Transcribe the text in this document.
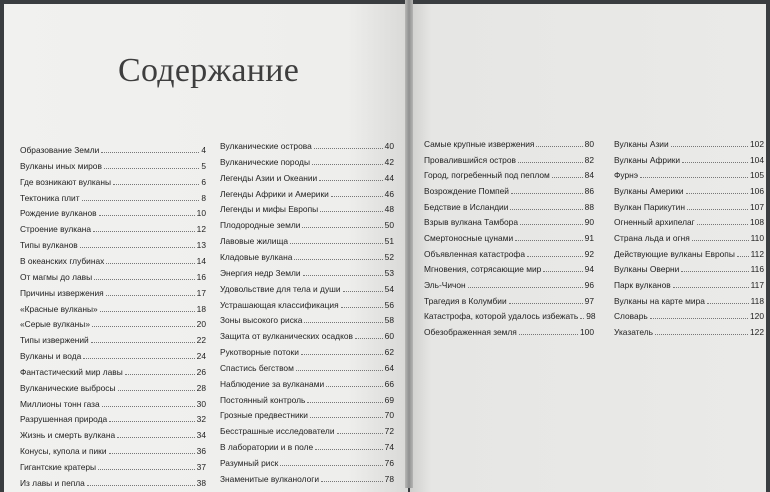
Содержание
Образование Земли	4
Вулканы иных миров	5
Где возникают вулканы	6
Тектоника плит	8
Рождение вулканов	10
Строение вулкана	12
Типы вулканов	13
В океанских глубинах	14
От магмы до лавы	16
Причины извержения	17
«Красные вулканы»	18
«Серые вулканы»	20
Типы извержений	22
Вулканы и вода	24
Фантастический мир лавы	26
Вулканические выбросы	28
Миллионы тонн газа	30
Разрушенная природа	32
Жизнь и смерть вулкана	34
Конусы, купола и пики	36
Гигантские кратеры	37
Из лавы и пепла	38
Вулканические острова	40
Вулканические породы	42
Легенды Азии и Океании	44
Легенды Африки и Америки	46
Легенды и мифы Европы	48
Плодородные земли	50
Лавовые жилища	51
Кладовые вулкана	52
Энергия недр Земли	53
Удовольствие для тела и души	54
Устрашающая классификация	56
Зоны высокого риска	58
Защита от вулканических осадков	60
Рукотворные потоки	62
Спастись бегством	64
Наблюдение за вулканами	66
Постоянный контроль	69
Грозные предвестники	70
Бесстрашные исследователи	72
В лаборатории и в поле	74
Разумный риск	76
Знаменитые вулканологи	78
Самые крупные извержения	80
Провалившийся остров	82
Город, погребенный под пеплом	84
Возрождение Помпей	86
Бедствие в Исландии	88
Взрыв вулкана Тамбора	90
Смертоносные цунами	91
Объявленная катастрофа	92
Мгновения, сотрясающие мир	94
Эль-Чичон	96
Трагедия в Колумбии	97
Катастрофа, которой удалось избежать 98
Обезображенная земля	100
Вулканы Азии	102
Вулканы Африки	104
Фурнэ	105
Вулканы Америки	106
Вулкан Парикутин	107
Огненный архипелаг	108
Страна льда и огня	110
Действующие вулканы Европы 112
Вулканы Оверни	116
Парк вулканов	117
Вулканы на карте мира	118
Словарь	120
Указатель	122
